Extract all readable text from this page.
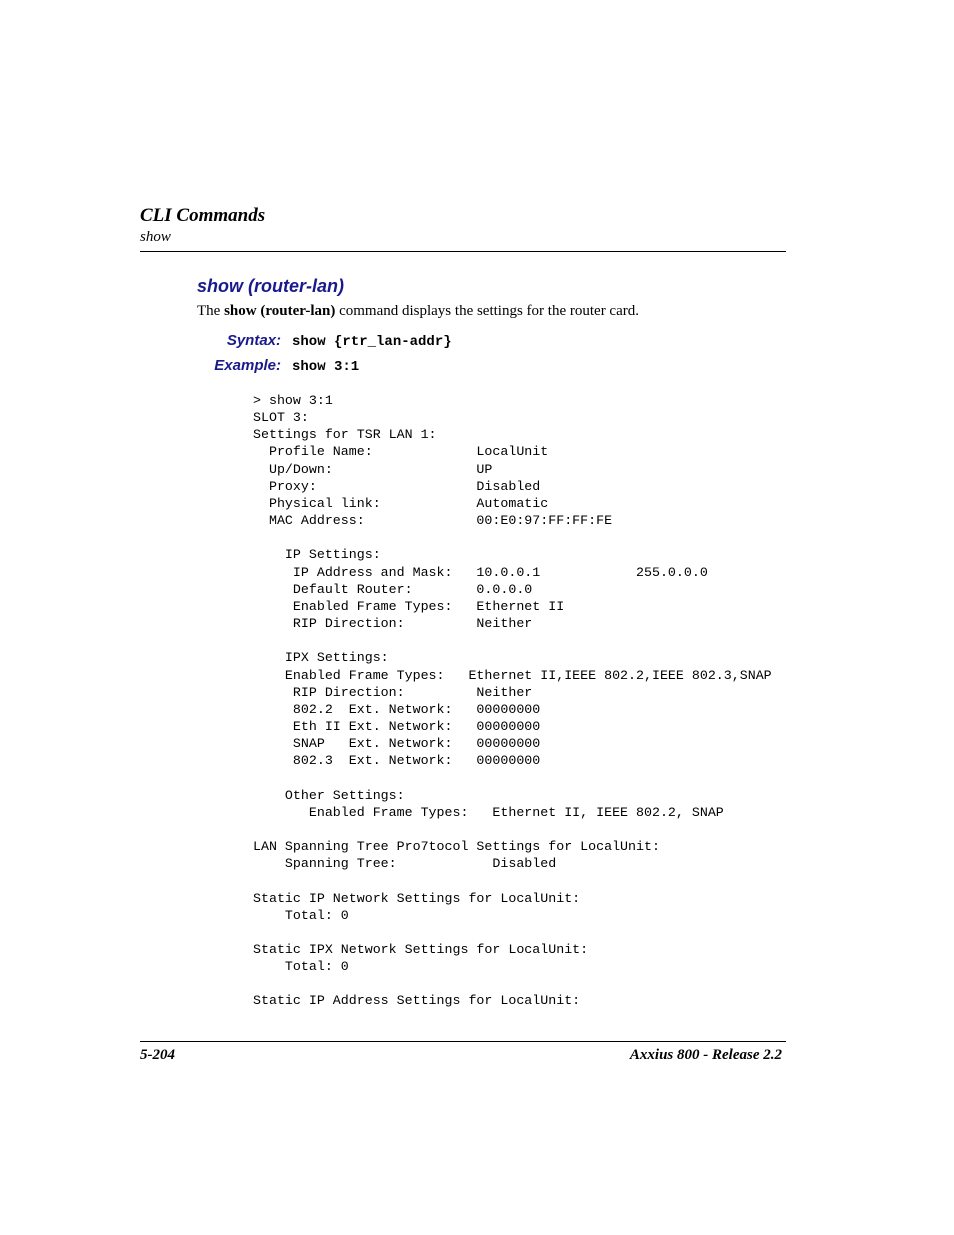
CLI Commands
show
show (router-lan)
The show (router-lan) command displays the settings for the router card.
Syntax: show {rtr_lan-addr}
Example: show 3:1
> show 3:1
SLOT 3:
Settings for TSR LAN 1:
Profile Name:             LocalUnit
Up/Down:                  UP
Proxy:                    Disabled
Physical link:            Automatic
MAC Address:              00:E0:97:FF:FF:FE

IP Settings:
IP Address and Mask:   10.0.0.1            255.0.0.0
Default Router:        0.0.0.0
Enabled Frame Types:   Ethernet II
RIP Direction:         Neither

IPX Settings:
Enabled Frame Types:   Ethernet II,IEEE 802.2,IEEE 802.3,SNAP
RIP Direction:         Neither
802.2  Ext. Network:   00000000
Eth II Ext. Network:   00000000
SNAP   Ext. Network:   00000000
802.3  Ext. Network:   00000000

Other Settings:
Enabled Frame Types:   Ethernet II, IEEE 802.2, SNAP

LAN Spanning Tree Pro7tocol Settings for LocalUnit:
Spanning Tree:            Disabled

Static IP Network Settings for LocalUnit:
Total: 0

Static IPX Network Settings for LocalUnit:
Total: 0

Static IP Address Settings for LocalUnit:
5-204	Axxius 800 - Release 2.2
